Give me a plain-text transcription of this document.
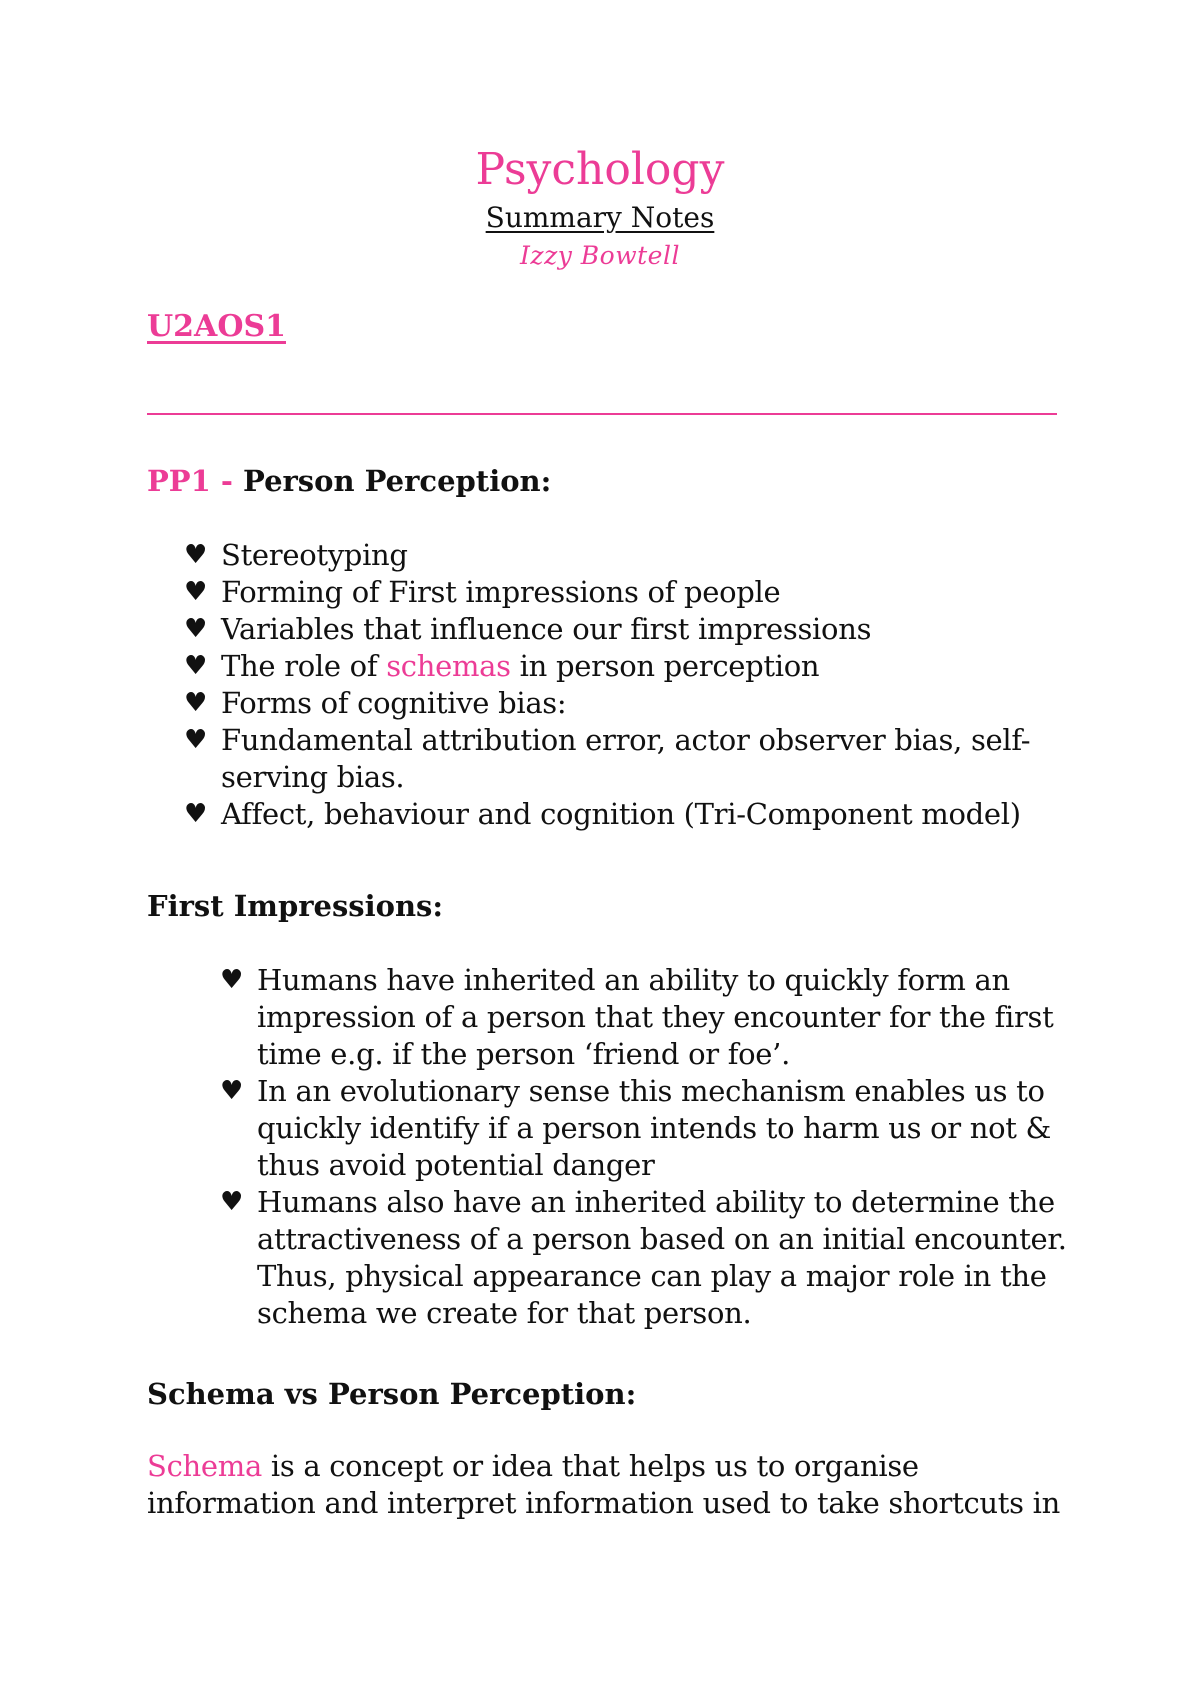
Psychology
Summary Notes
Izzy Bowtell
U2AOS1
PP1 - Person Perception:
♥ Stereotyping
♥ Forming of First impressions of people
♥ Variables that influence our first impressions
♥ The role of schemas in person perception
♥ Forms of cognitive bias:
♥ Fundamental attribution error, actor observer bias, self-
serving bias.
♥ Affect, behaviour and cognition (Tri-Component model)
First Impressions:
♥ Humans have inherited an ability to quickly form an
impression of a person that they encounter for the first
time e.g. if the person ‘friend or foe’.
♥ In an evolutionary sense this mechanism enables us to
quickly identify if a person intends to harm us or not &
thus avoid potential danger
♥ Humans also have an inherited ability to determine the
attractiveness of a person based on an initial encounter.
Thus, physical appearance can play a major role in the
schema we create for that person.
Schema vs Person Perception:
Schema is a concept or idea that helps us to organise
information and interpret information used to take shortcuts in
